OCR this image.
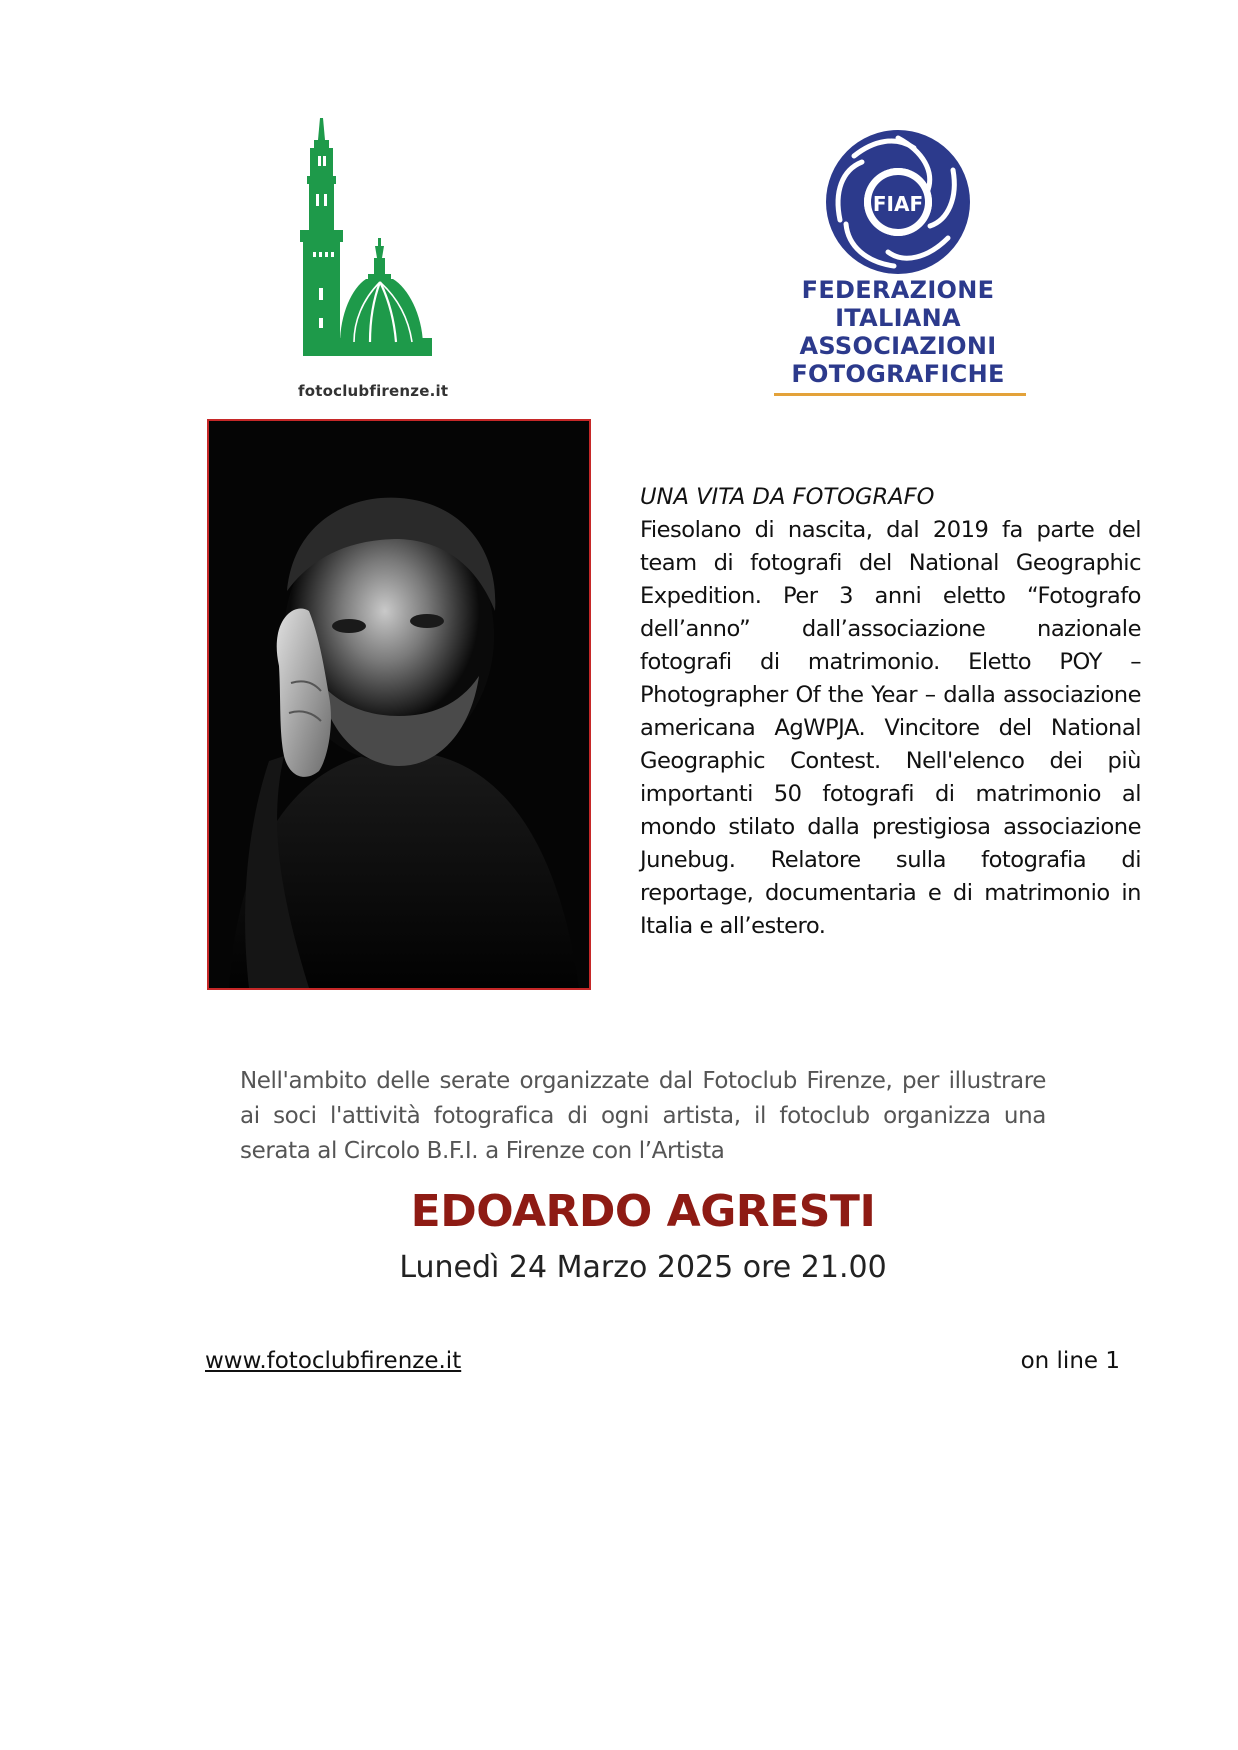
fotoclubfirenze.it
FIAF
FEDERAZIONE
ITALIANA
ASSOCIAZIONI
FOTOGRAFICHE
UNA VITA DA FOTOGRAFO
Fiesolano di nascita, dal 2019 fa parte del team di fotografi del National Geographic Expedition. Per 3 anni eletto “Fotografo dell’anno” dall’associazione nazionale fotografi di matrimonio. Eletto POY – Photographer Of the Year – dalla associazione americana AgWPJA. Vincitore del National Geographic Contest. Nell'elenco dei più importanti 50 fotografi di matrimonio al mondo stilato dalla prestigiosa associazione Junebug. Relatore sulla fotografia di reportage, documentaria e di matrimonio in Italia e all’estero.
Nell'ambito delle serate organizzate dal Fotoclub Firenze, per illustrare ai soci l'attività fotografica di ogni artista, il fotoclub organizza una serata al Circolo B.F.I. a Firenze con l’Artista
EDOARDO AGRESTI
Lunedì 24 Marzo 2025 ore 21.00
www.fotoclubfirenze.it	on line 1
